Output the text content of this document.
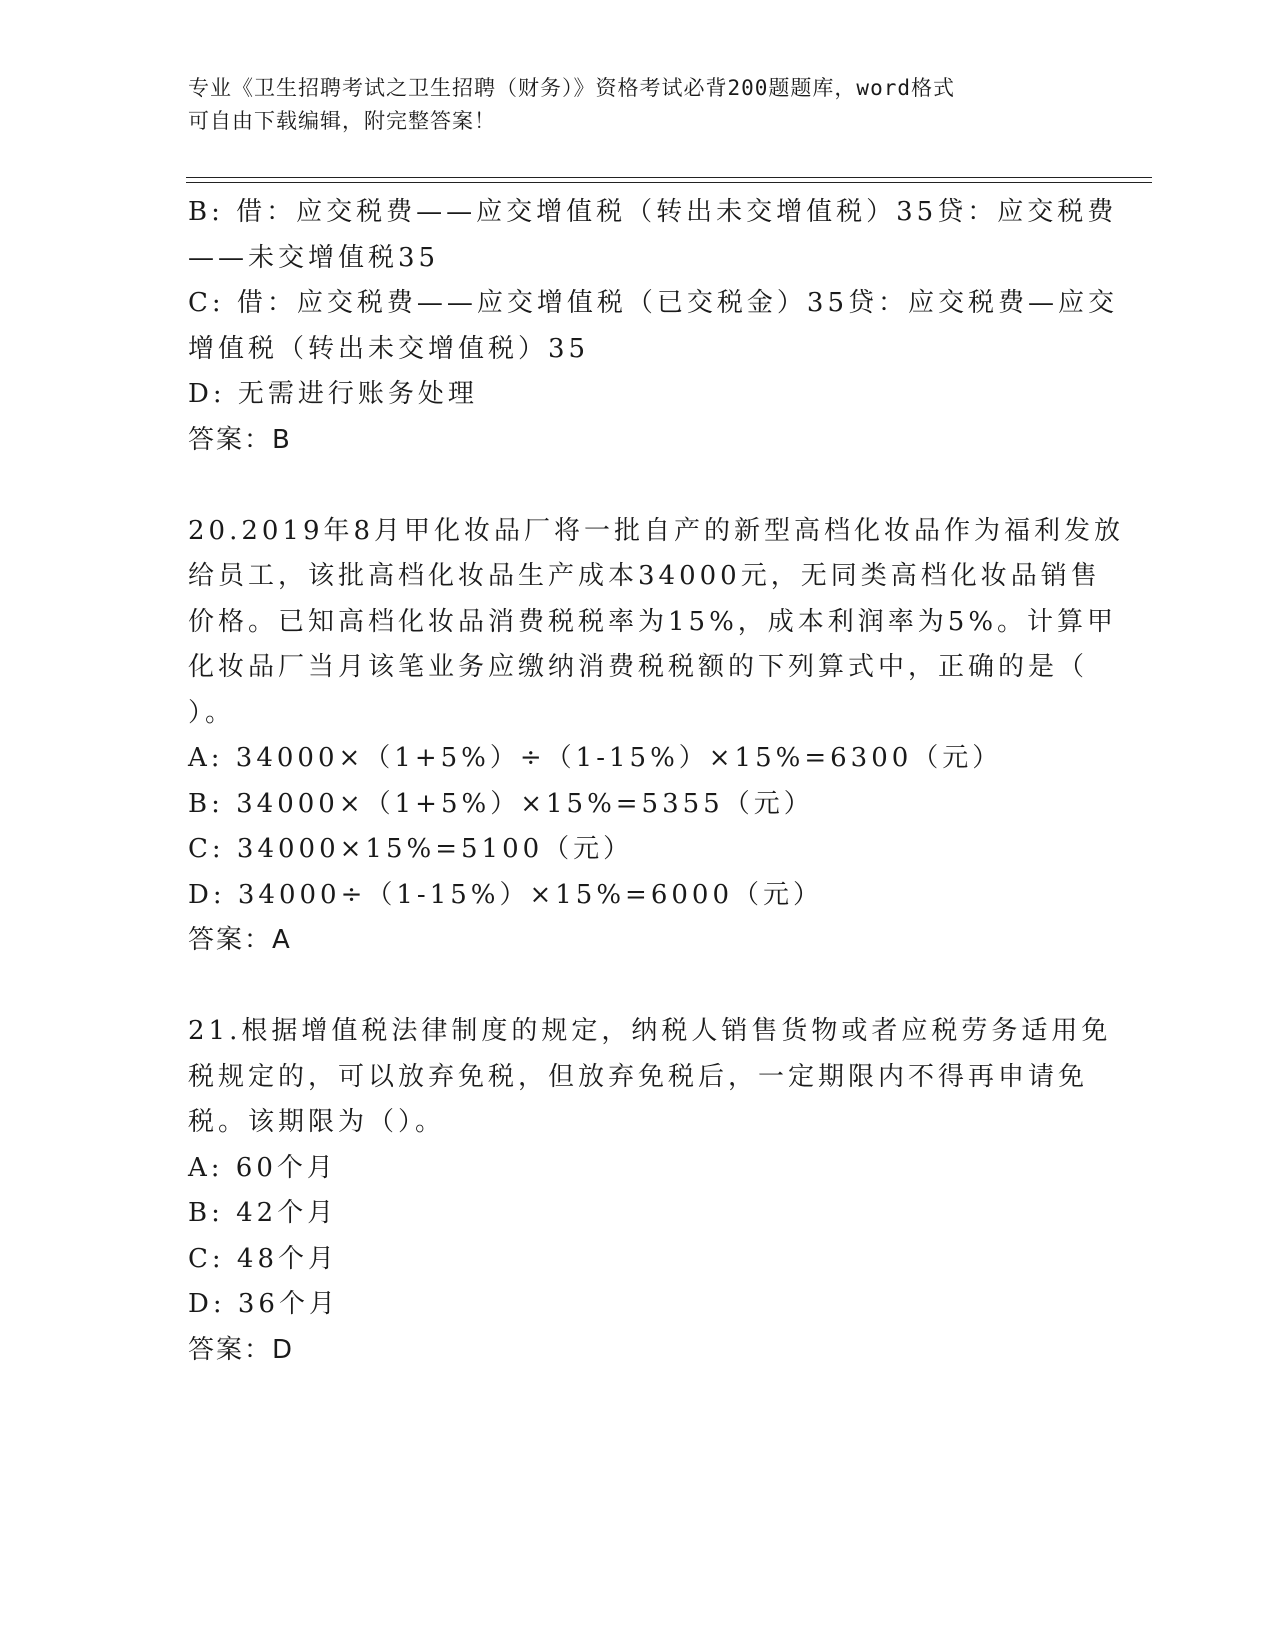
专业《卫生招聘考试之卫生招聘（财务）》资格考试必背200题题库，word格式
可自由下载编辑，附完整答案！
B: 借：应交税费——应交增值税（转出未交增值税）35贷：应交税费
——未交增值税35
C: 借：应交税费——应交增值税（已交税金）35贷：应交税费—应交
增值税（转出未交增值税）35
D: 无需进行账务处理
答案：B
20.2019年8月甲化妆品厂将一批自产的新型高档化妆品作为福利发放
给员工，该批高档化妆品生产成本34000元，无同类高档化妆品销售
价格。已知高档化妆品消费税税率为15%，成本利润率为5%。计算甲
化妆品厂当月该笔业务应缴纳消费税税额的下列算式中，正确的是（
）。
A: 34000×（1+5%）÷（1-15%）×15%=6300（元）
B: 34000×（1+5%）×15%=5355（元）
C: 34000×15%=5100（元）
D: 34000÷（1-15%）×15%=6000（元）
答案：A
21.根据增值税法律制度的规定，纳税人销售货物或者应税劳务适用免
税规定的，可以放弃免税，但放弃免税后，一定期限内不得再申请免
税。该期限为（）。
A: 60个月
B: 42个月
C: 48个月
D: 36个月
答案：D
